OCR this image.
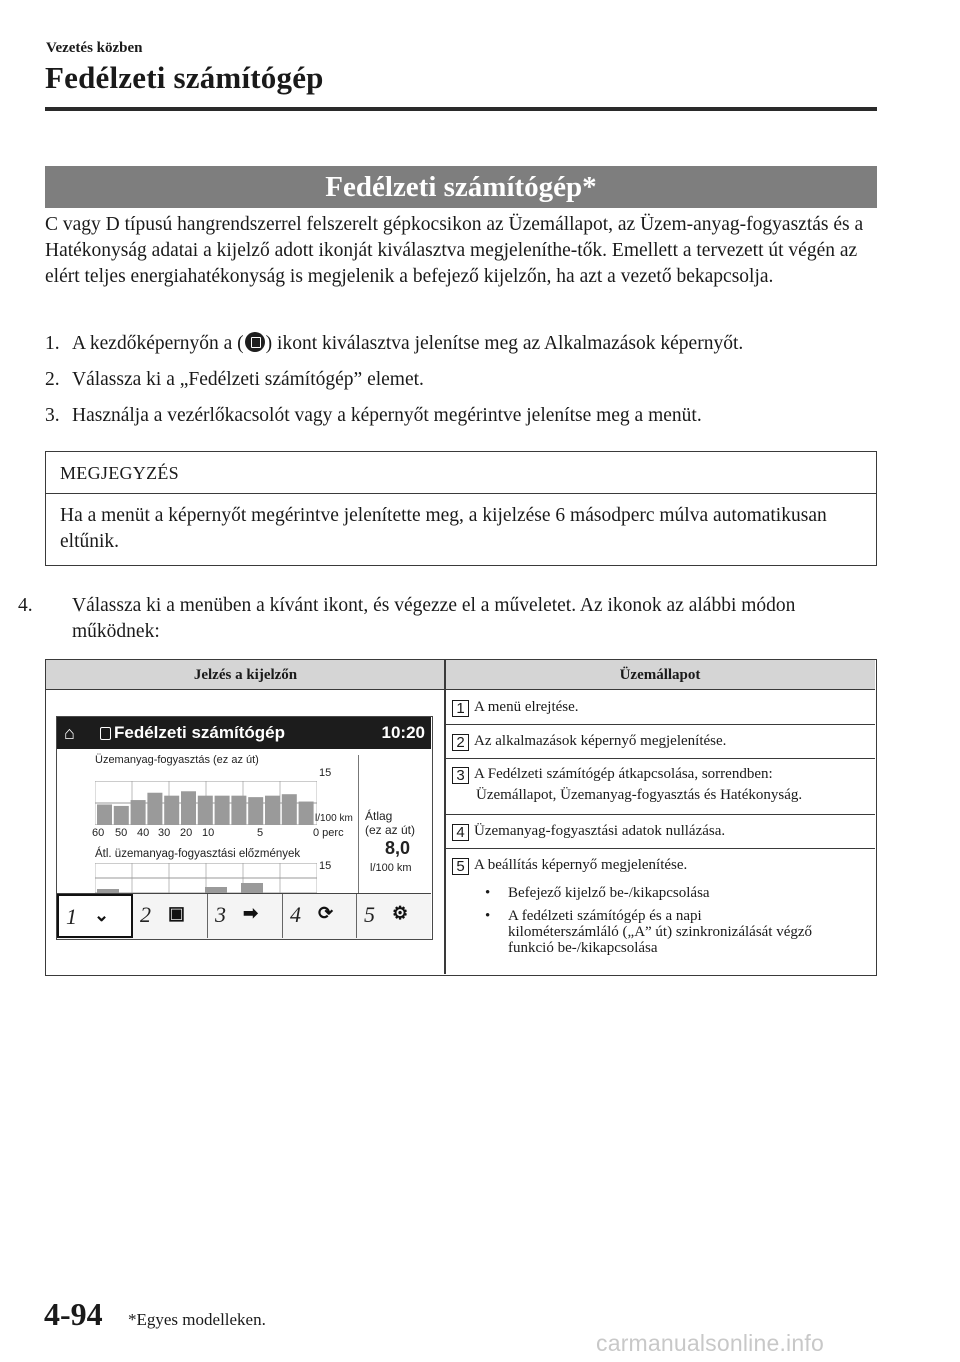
Vezetés közben
Fedélzeti számítógép
Fedélzeti számítógép*

C vagy D típusú hangrendszerrel felszerelt gépkocsikon az Üzemállapot, az Üzem-anyag-fogyasztás és a Hatékonyság adatai a kijelző adott ikonját kiválasztva megjeleníthe-tők. Emellett a tervezett út végén az elért teljes energiahatékonyság is megjelenik a befejező kijelzőn, ha azt a vezető bekapcsolja.

1. A kezdőképernyőn a ( ) ikont kiválasztva jelenítse meg az Alkalmazások képernyőt.
2. Válassza ki a „Fedélzeti számítógép” elemet.
3. Használja a vezérlőkacsolót vagy a képernyőt megérintve jelenítse meg a menüt.
MEGJEGYZÉS
Ha a menüt a képernyőt megérintve jelenítette meg, a kijelzése 6 másodperc múlva automatikusan eltűnik.
4. Válassza ki a menüben a kívánt ikont, és végezze el a műveletet. Az ikonok az alábbi módon működnek:
Jelzés a kijelzőn	Üzemállapot
1 A menü elrejtése.
2 Az alkalmazások képernyő megjelenítése.
3 A Fedélzeti számítógép átkapcsolása, sorrendben:
Üzemállapot, Üzemanyag-fogyasztás és Hatékonyság.
4 Üzemanyag-fogyasztási adatok nullázása.
5 A beállítás képernyő megjelenítése.
• Befejező kijelző be-/kikapcsolása
• A fedélzeti számítógép és a napi kilométerszámláló („A” út) szinkronizálását végző funkció be-/kikapcsolása
⌂ Fedélzeti számítógép	10:20
Üzemanyag-fogyasztás (ez az út)
15
l/100 km
60 50 40 30 20 10	5	0 perc
Átlag
(ez az út)
8,0
l/100 km
Átl. üzemanyag-fogyasztási előzmények
15
1 ⌄ 2 ▣ 3 ➡ 4 ⟳ 5 ⚙
4-94 *Egyes modelleken.
carmanualsonline.info
